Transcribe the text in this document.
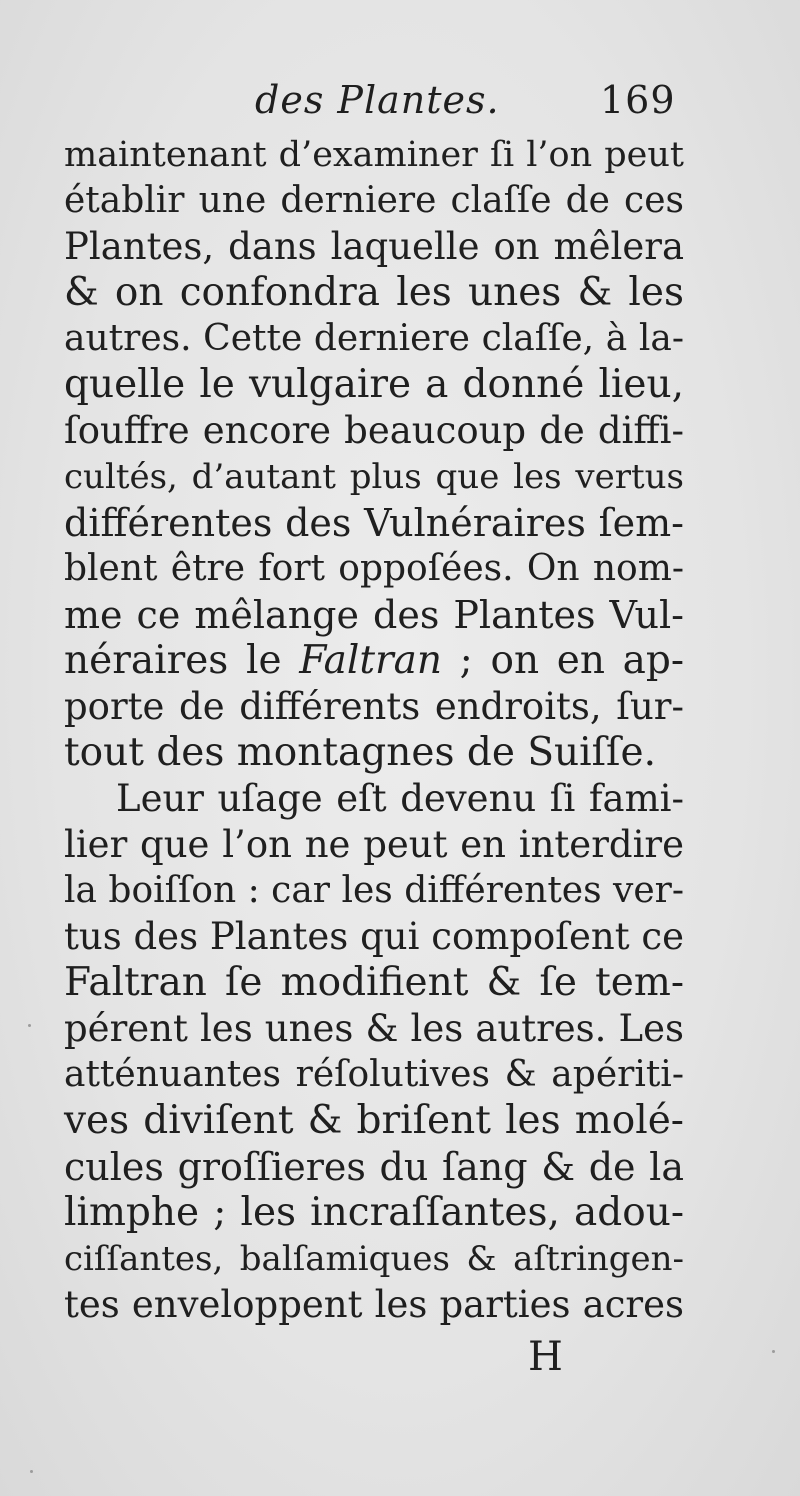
des Plantes.	169
maintenant d’examiner ſi l’on peut
établir une derniere claſſe de ces
Plantes, dans laquelle on mêlera
& on confondra les unes & les
autres. Cette derniere claſſe, à la-
quelle le vulgaire a donné lieu,
ſouffre encore beaucoup de diffi-
cultés, d’autant plus que les vertus
différentes des Vulnéraires ſem-
blent être fort oppoſées. On nom-
me ce mêlange des Plantes Vul-
néraires le Faltran ; on en ap-
porte de différents endroits, ſur-
tout des montagnes de Suiſſe.
Leur uſage eſt devenu ſi fami-
lier que l’on ne peut en interdire
la boiſſon : car les différentes ver-
tus des Plantes qui compoſent ce
Faltran ſe modifient & ſe tem-
pérent les unes & les autres. Les
atténuantes réſolutives & apériti-
ves diviſent & briſent les molé-
cules groſſieres du ſang & de la
limphe ; les incraſſantes, adou-
ciſſantes, balſamiques & aſtringen-
tes enveloppent les parties acres
H
